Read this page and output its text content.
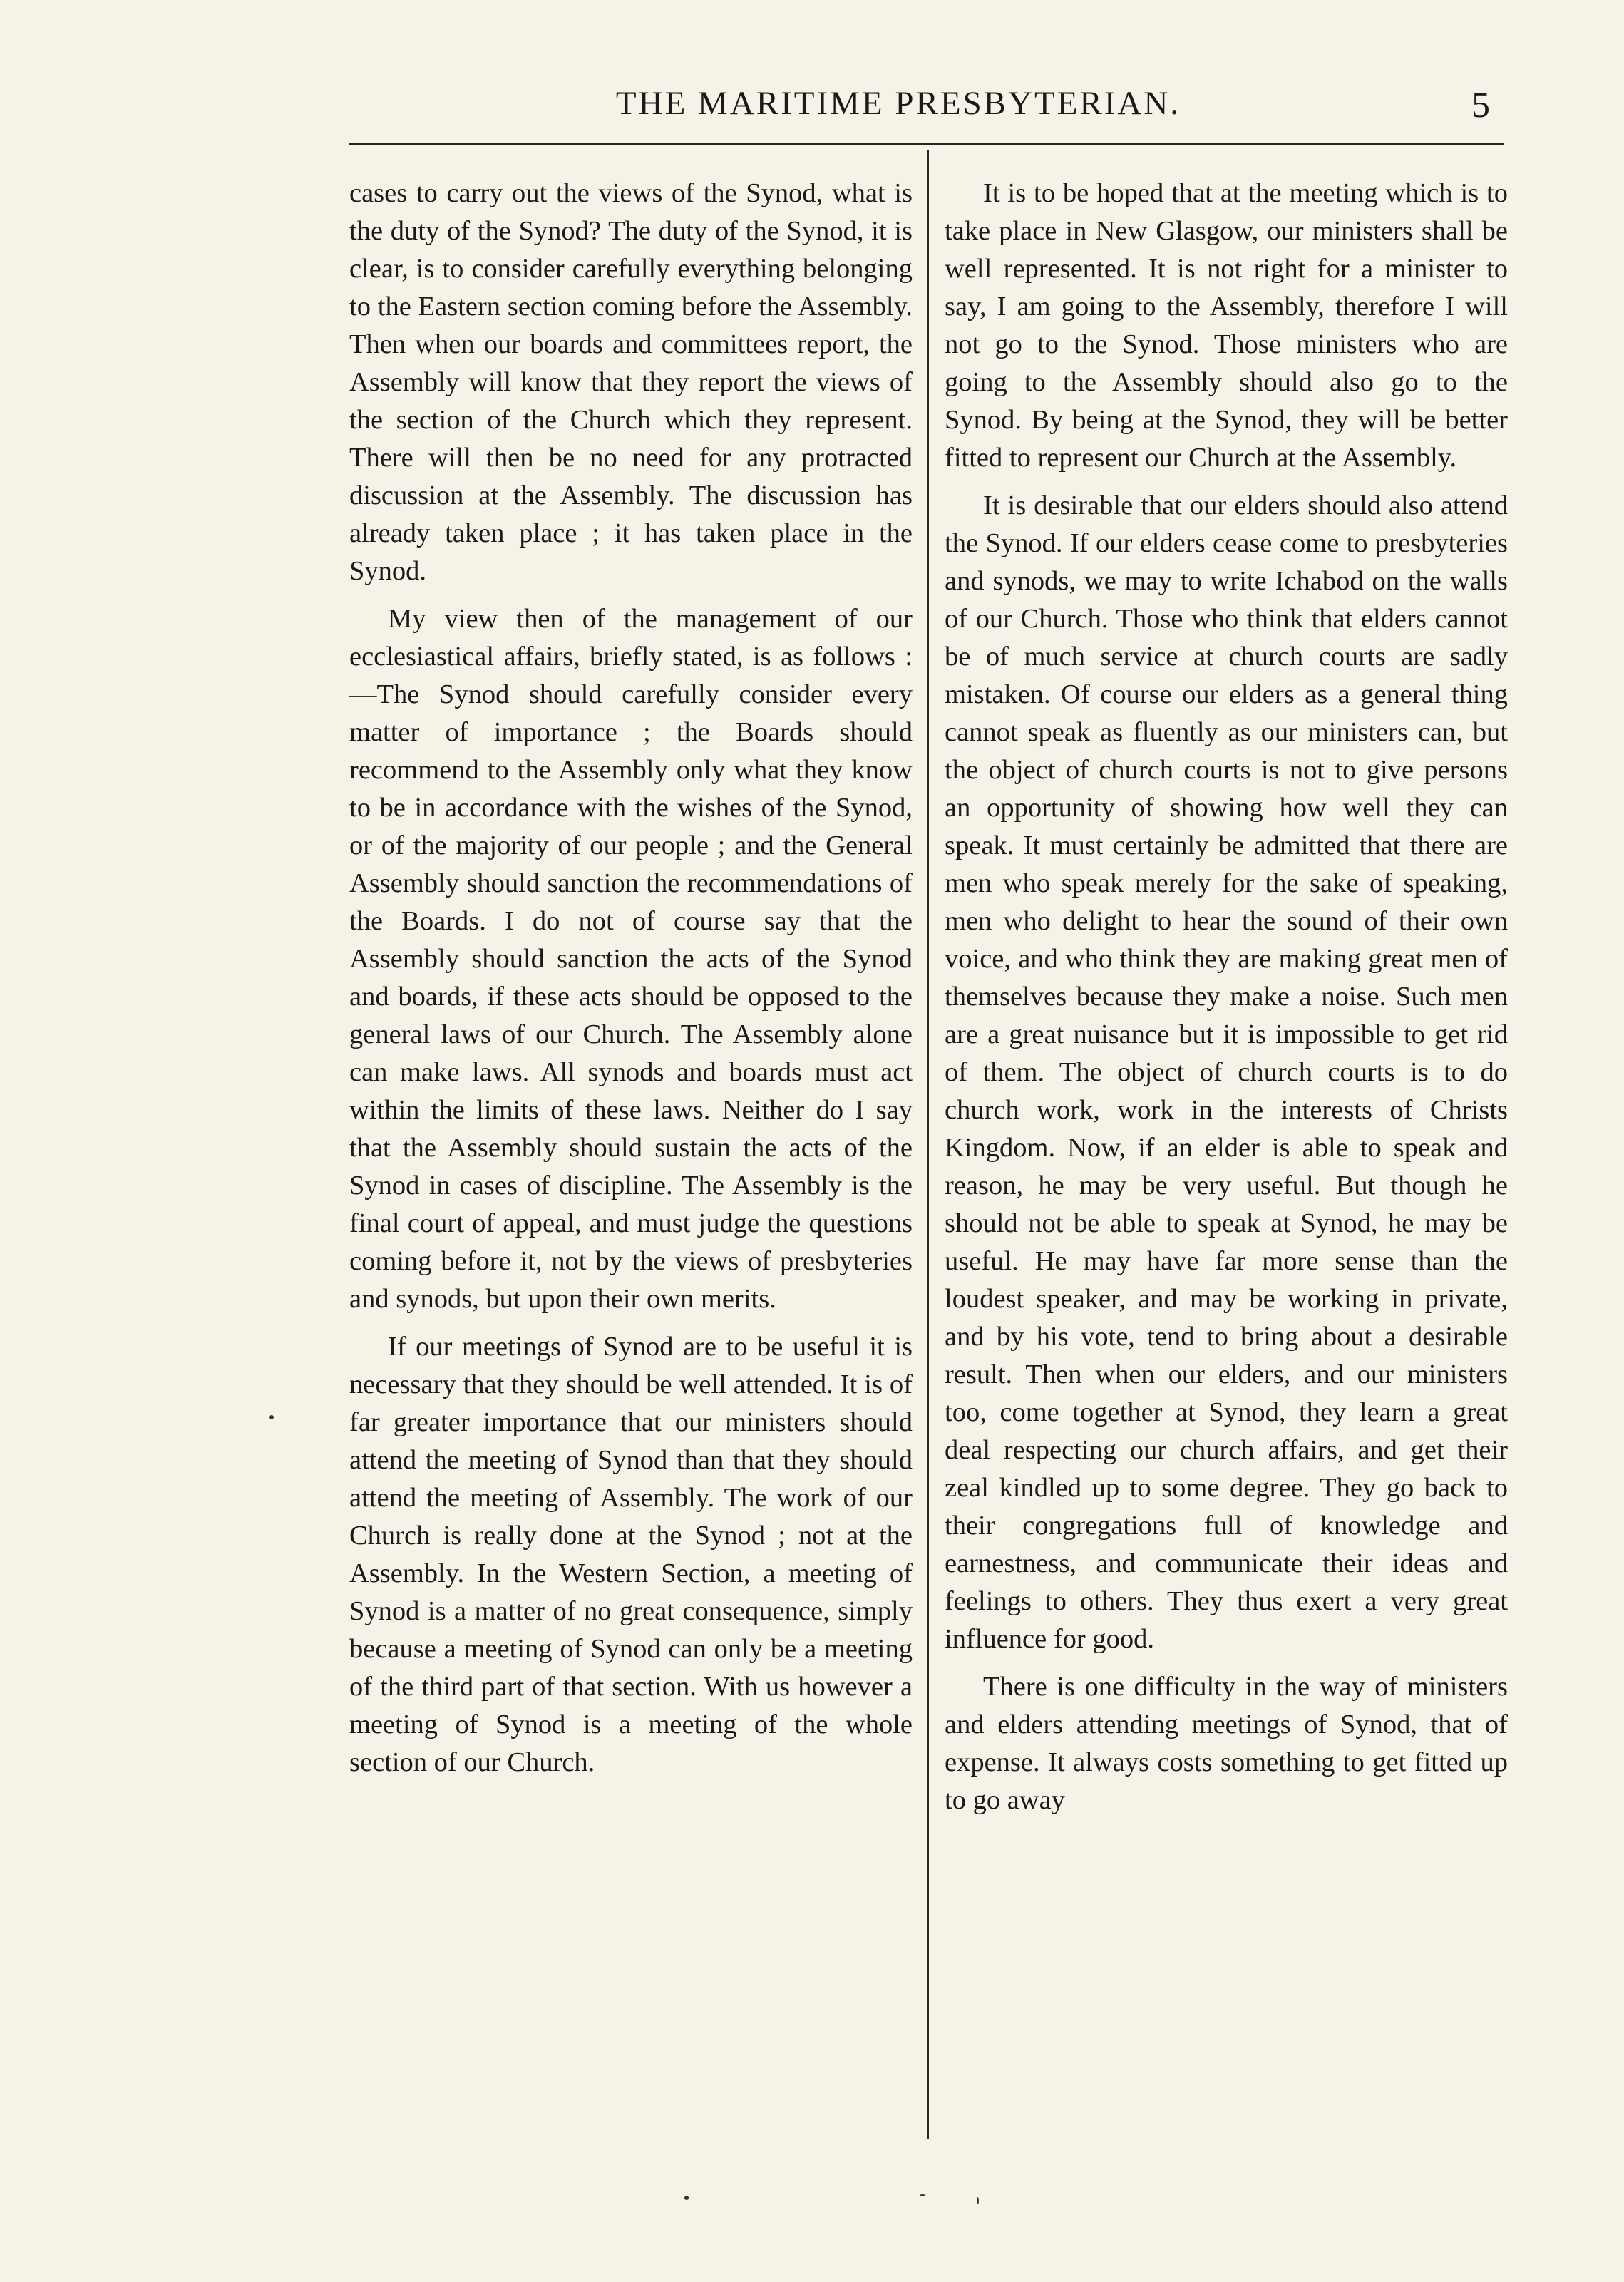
THE MARITIME PRESBYTERIAN.	5

cases to carry out the views of the Synod, what is the duty of the Synod? The duty of the Synod, it is clear, is to consider carefully everything belonging to the Eastern section coming before the Assembly. Then when our boards and committees report, the Assembly will know that they report the views of the section of the Church which they represent. There will then be no need for any protracted discussion at the Assembly. The discussion has already taken place ; it has taken place in the Synod.

My view then of the management of our ecclesiastical affairs, briefly stated, is as follows :—The Synod should carefully consider every matter of importance ; the Boards should recommend to the Assembly only what they know to be in accordance with the wishes of the Synod, or of the majority of our people ; and the General Assembly should sanction the recommendations of the Boards. I do not of course say that the Assembly should sanction the acts of the Synod and boards, if these acts should be opposed to the general laws of our Church. The Assembly alone can make laws. All synods and boards must act within the limits of these laws. Neither do I say that the Assembly should sustain the acts of the Synod in cases of discipline. The Assembly is the final court of appeal, and must judge the questions coming before it, not by the views of presbyteries and synods, but upon their own merits.

If our meetings of Synod are to be useful it is necessary that they should be well attended. It is of far greater importance that our ministers should attend the meeting of Synod than that they should attend the meeting of Assembly. The work of our Church is really done at the Synod ; not at the Assembly. In the Western Section, a meeting of Synod is a matter of no great consequence, simply because a meeting of Synod can only be a meeting of the third part of that section. With us however a meeting of Synod is a meeting of the whole section of our Church.

It is to be hoped that at the meeting which is to take place in New Glasgow, our ministers shall be well represented. It is not right for a minister to say, I am going to the Assembly, therefore I will not go to the Synod. Those ministers who are going to the Assembly should also go to the Synod. By being at the Synod, they will be better fitted to represent our Church at the Assembly.

It is desirable that our elders should also attend the Synod. If our elders cease come to presbyteries and synods, we may to write Ichabod on the walls of our Church. Those who think that elders cannot be of much service at church courts are sadly mistaken. Of course our elders as a general thing cannot speak as fluently as our ministers can, but the object of church courts is not to give persons an opportunity of showing how well they can speak. It must certainly be admitted that there are men who speak merely for the sake of speaking, men who delight to hear the sound of their own voice, and who think they are making great men of themselves because they make a noise. Such men are a great nuisance but it is impossible to get rid of them. The object of church courts is to do church work, work in the interests of Christs Kingdom. Now, if an elder is able to speak and reason, he may be very useful. But though he should not be able to speak at Synod, he may be useful. He may have far more sense than the loudest speaker, and may be working in private, and by his vote, tend to bring about a desirable result. Then when our elders, and our ministers too, come together at Synod, they learn a great deal respecting our church affairs, and get their zeal kindled up to some degree. They go back to their congregations full of knowledge and earnestness, and communicate their ideas and feelings to others. They thus exert a very great influence for good.

There is one difficulty in the way of ministers and elders attending meetings of Synod, that of expense. It always costs something to get fitted up to go away
